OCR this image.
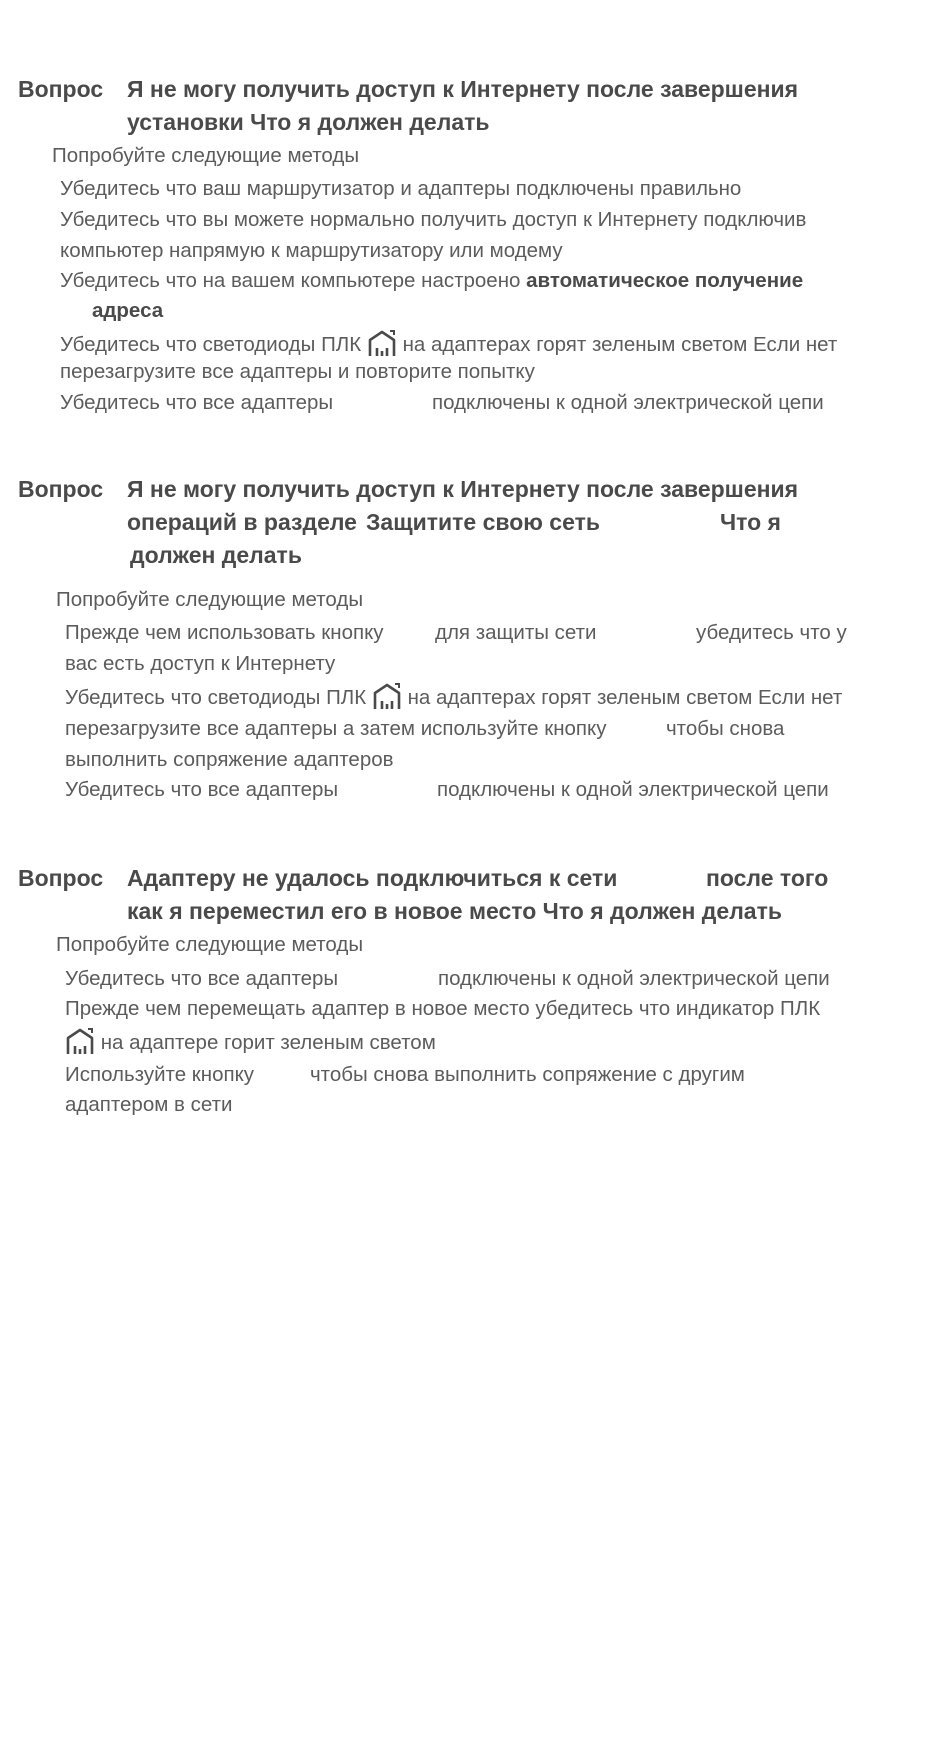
Вопрос Я не могу получить доступ к Интернету после завершения
установки Что я должен делать
Попробуйте следующие методы
Убедитесь что ваш маршрутизатор и адаптеры подключены правильно
Убедитесь что вы можете нормально получить доступ к Интернету подключив
компьютер напрямую к маршрутизатору или модему
Убедитесь что на вашем компьютере настроено автоматическое получение
адреса
Убедитесь что светодиоды ПЛК на адаптерах горят зеленым светом Если нет
перезагрузите все адаптеры и повторите попытку
Убедитесь что все адаптеры	подключены к одной электрической цепи
Вопрос Я не могу получить доступ к Интернету после завершения
операций в разделе Защитите свою сеть	Что я
должен делать
Попробуйте следующие методы
Прежде чем использовать кнопку	для защиты сети	убедитесь что у
вас есть доступ к Интернету
Убедитесь что светодиоды ПЛК на адаптерах горят зеленым светом Если нет
перезагрузите все адаптеры а затем используйте кнопку	чтобы снова
выполнить сопряжение адаптеров
Убедитесь что все адаптеры	подключены к одной электрической цепи
Вопрос Адаптеру не удалось подключиться к сети	после того
как я переместил его в новое место Что я должен делать
Попробуйте следующие методы
Убедитесь что все адаптеры	подключены к одной электрической цепи
Прежде чем перемещать адаптер в новое место убедитесь что индикатор ПЛК
на адаптере горит зеленым светом
Используйте кнопку	чтобы снова выполнить сопряжение с другим
адаптером в сети
